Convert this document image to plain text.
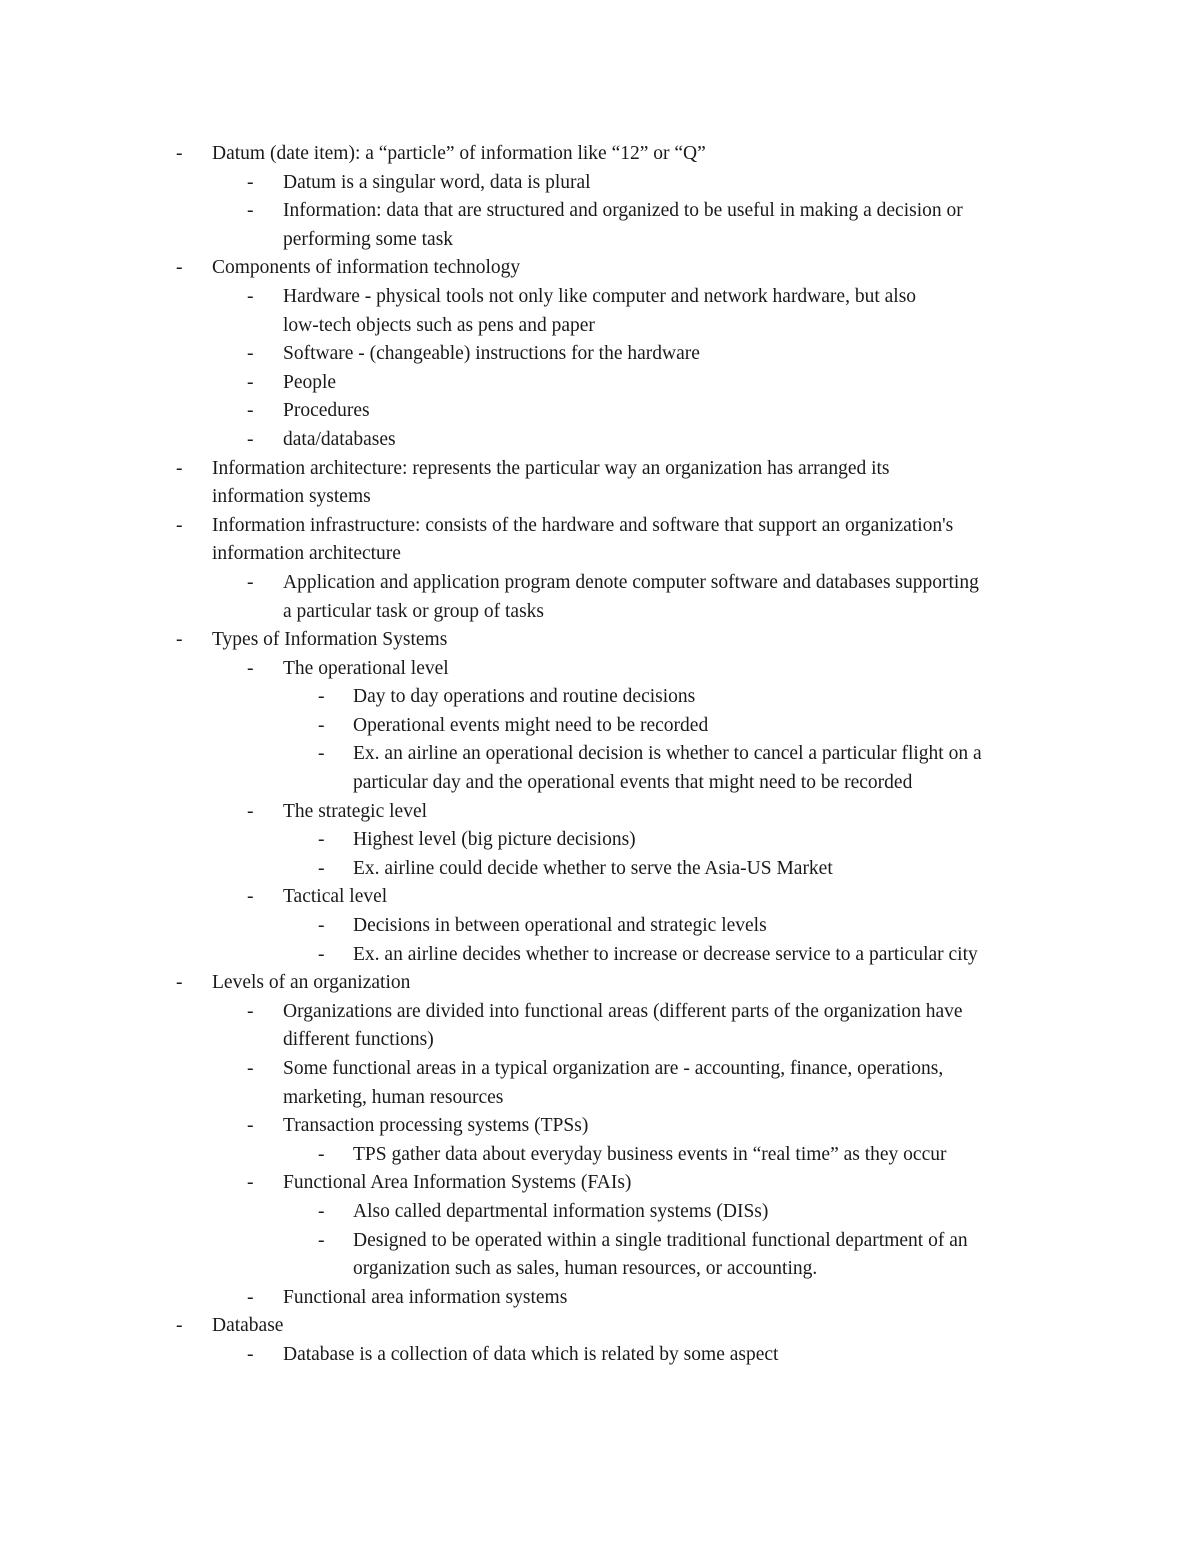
- Datum (date item): a “particle” of information like “12” or “Q”
- Datum is a singular word, data is plural
- Information: data that are structured and organized to be useful in making a decision or
performing some task
- Components of information technology
- Hardware - physical tools not only like computer and network hardware, but also
low-tech objects such as pens and paper
- Software - (changeable) instructions for the hardware
- People
- Procedures
- data/databases
- Information architecture: represents the particular way an organization has arranged its
information systems
- Information infrastructure: consists of the hardware and software that support an organization's
information architecture
- Application and application program denote computer software and databases supporting
a particular task or group of tasks
- Types of Information Systems
- The operational level
- Day to day operations and routine decisions
- Operational events might need to be recorded
- Ex. an airline an operational decision is whether to cancel a particular flight on a
particular day and the operational events that might need to be recorded
- The strategic level
- Highest level (big picture decisions)
- Ex. airline could decide whether to serve the Asia-US Market
- Tactical level
- Decisions in between operational and strategic levels
- Ex. an airline decides whether to increase or decrease service to a particular city
- Levels of an organization
- Organizations are divided into functional areas (different parts of the organization have
different functions)
- Some functional areas in a typical organization are - accounting, finance, operations,
marketing, human resources
- Transaction processing systems (TPSs)
- TPS gather data about everyday business events in “real time” as they occur
- Functional Area Information Systems (FAIs)
- Also called departmental information systems (DISs)
- Designed to be operated within a single traditional functional department of an
organization such as sales, human resources, or accounting.
- Functional area information systems
- Database
- Database is a collection of data which is related by some aspect
